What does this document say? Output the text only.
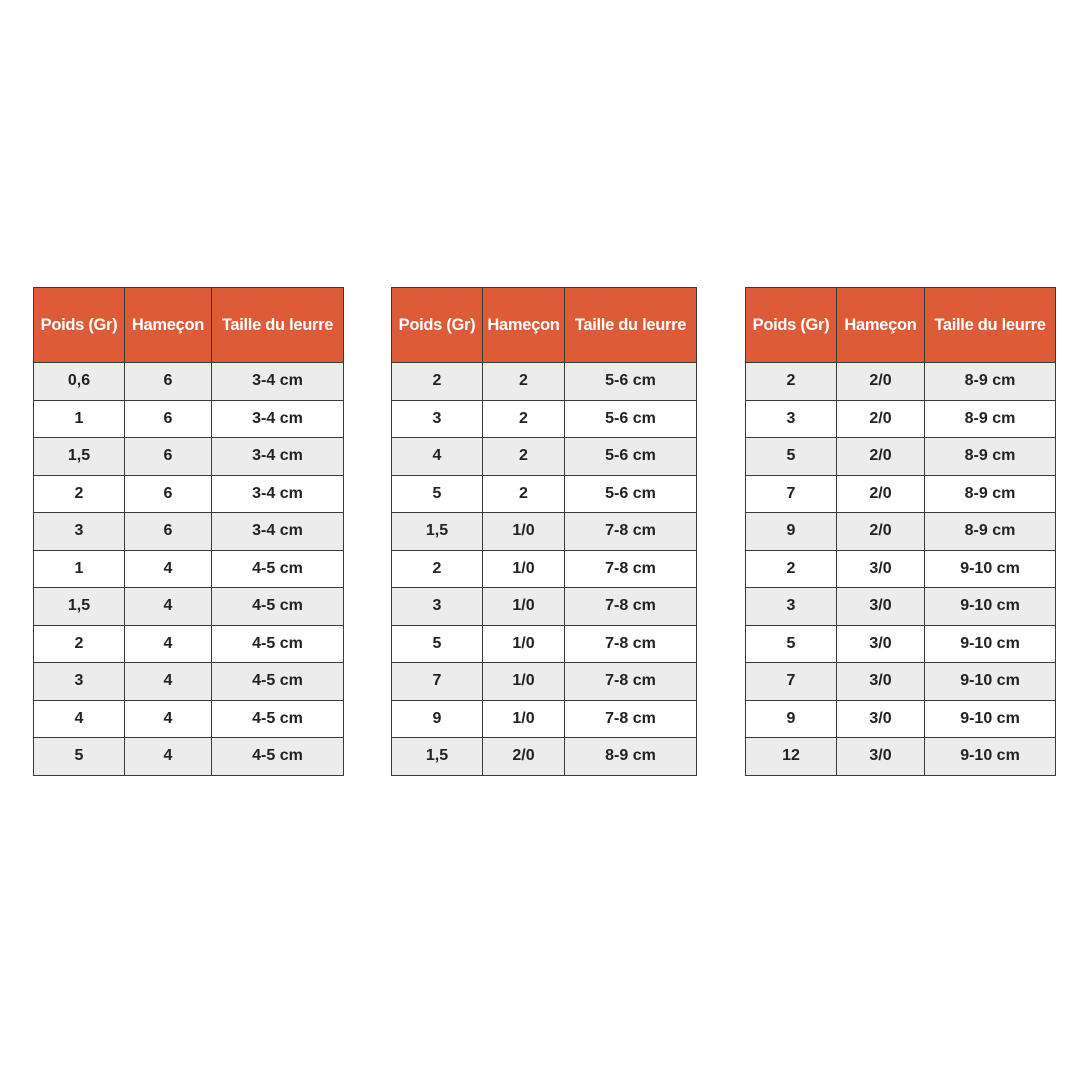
Poids (Gr)	Hameçon	Taille du leurre
0,6	6	3-4 cm
1	6	3-4 cm
1,5	6	3-4 cm
2	6	3-4 cm
3	6	3-4 cm
1	4	4-5 cm
1,5	4	4-5 cm
2	4	4-5 cm
3	4	4-5 cm
4	4	4-5 cm
5	4	4-5 cm
Poids (Gr)	Hameçon	Taille du leurre
2	2	5-6 cm
3	2	5-6 cm
4	2	5-6 cm
5	2	5-6 cm
1,5	1/0	7-8 cm
2	1/0	7-8 cm
3	1/0	7-8 cm
5	1/0	7-8 cm
7	1/0	7-8 cm
9	1/0	7-8 cm
1,5	2/0	8-9 cm
Poids (Gr)	Hameçon	Taille du leurre
2	2/0	8-9 cm
3	2/0	8-9 cm
5	2/0	8-9 cm
7	2/0	8-9 cm
9	2/0	8-9 cm
2	3/0	9-10 cm
3	3/0	9-10 cm
5	3/0	9-10 cm
7	3/0	9-10 cm
9	3/0	9-10 cm
12	3/0	9-10 cm
